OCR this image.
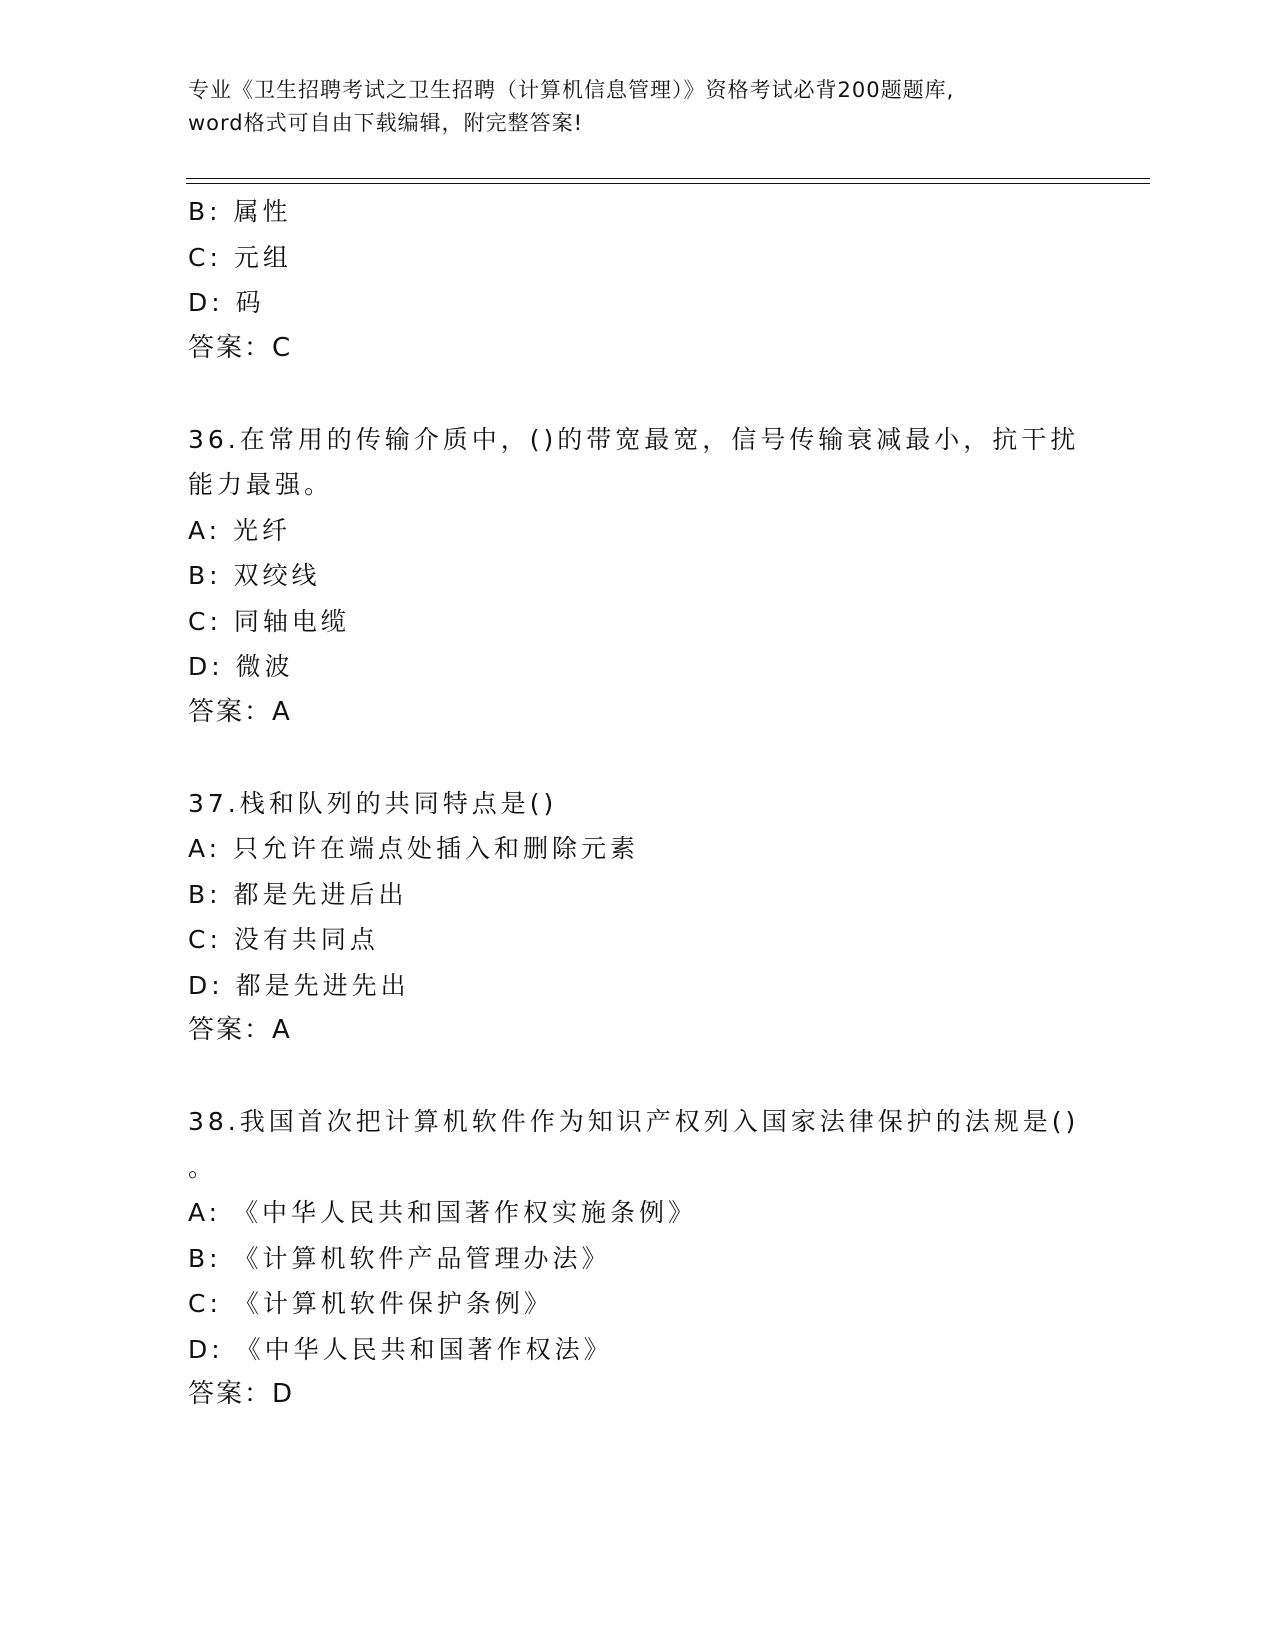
专业《卫生招聘考试之卫生招聘（计算机信息管理）》资格考试必背200题题库,
word格式可自由下载编辑，附完整答案!
B: 属性
C: 元组
D: 码
答案：C
36.在常用的传输介质中，()的带宽最宽，信号传输衰减最小，抗干扰
能力最强。
A: 光纤
B: 双绞线
C: 同轴电缆
D: 微波
答案：A
37.栈和队列的共同特点是()
A: 只允许在端点处插入和删除元素
B: 都是先进后出
C: 没有共同点
D: 都是先进先出
答案：A
38.我国首次把计算机软件作为知识产权列入国家法律保护的法规是()
。
A: 《中华人民共和国著作权实施条例》
B: 《计算机软件产品管理办法》
C: 《计算机软件保护条例》
D: 《中华人民共和国著作权法》
答案：D
